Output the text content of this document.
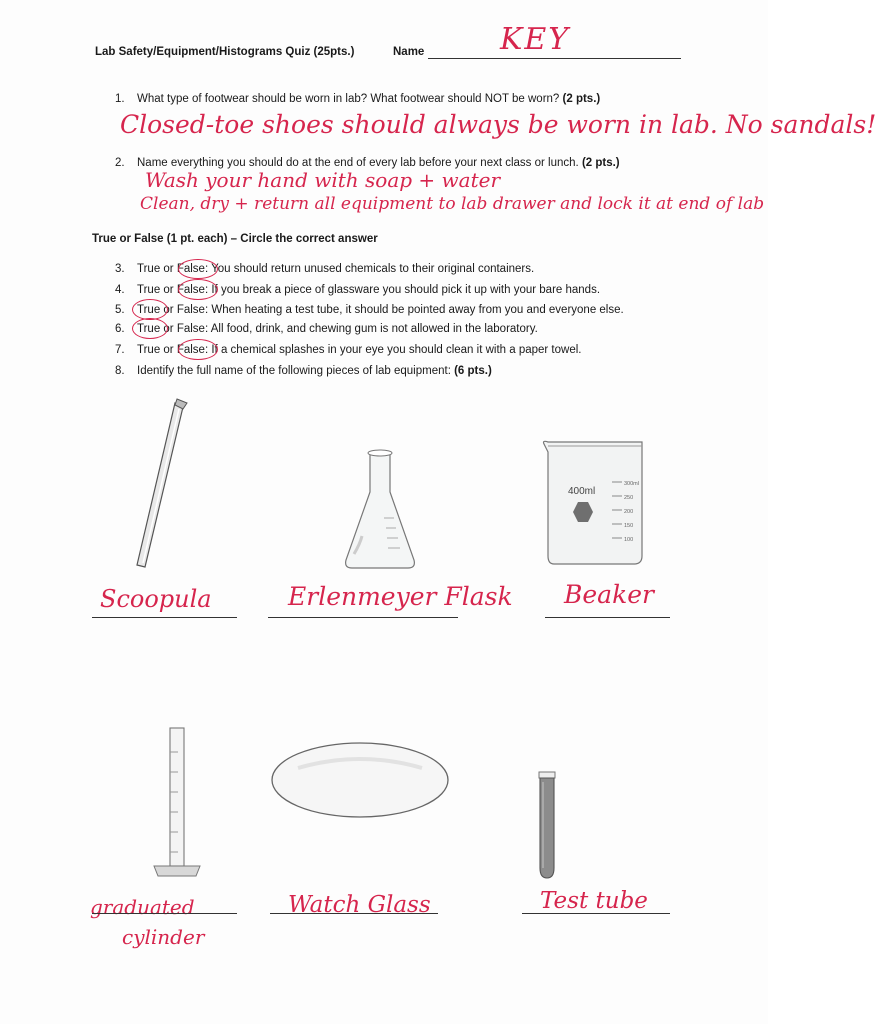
Lab Safety/Equipment/Histograms Quiz (25pts.)	Name	KEY
1. What type of footwear should be worn in lab? What footwear should NOT be worn? (2 pts.)
Closed-toe shoes should always be worn in lab. No sandals!
2. Name everything you should do at the end of every lab before your next class or lunch. (2 pts.)
Wash your hand with soap + water
Clean, dry + return all equipment to lab drawer and lock it at end of lab
True or False (1 pt. each) – Circle the correct answer
3. True or False: You should return unused chemicals to their original containers.
4. True or False: If you break a piece of glassware you should pick it up with your bare hands.
5. True or False: When heating a test tube, it should be pointed away from you and everyone else.
6. True or False: All food, drink, and chewing gum is not allowed in the laboratory.
7. True or False: If a chemical splashes in your eye you should clean it with a paper towel.
8. Identify the full name of the following pieces of lab equipment: (6 pts.)
400ml
300ml
250
200
150
100
Scoopula	Erlenmeyer Flask Beaker
graduated
cylinder
Watch Glass	Test tube
